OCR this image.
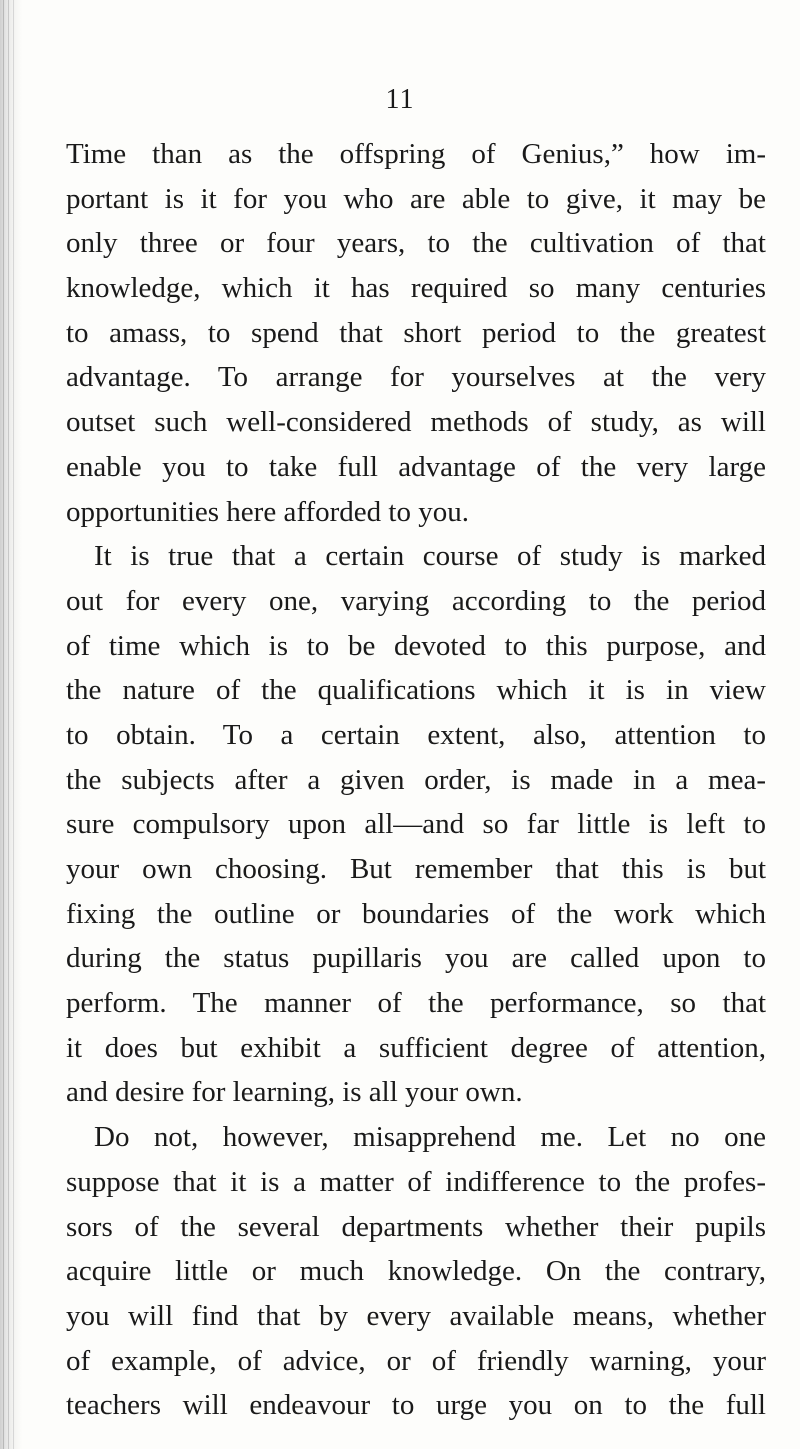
11
Time than as the offspring of Genius,” how im-
portant is it for you who are able to give, it may be
only three or four years, to the cultivation of that
knowledge, which it has required so many centuries
to amass, to spend that short period to the greatest
advantage. To arrange for yourselves at the very
outset such well-considered methods of study, as will
enable you to take full advantage of the very large
opportunities here afforded to you.
It is true that a certain course of study is marked
out for every one, varying according to the period
of time which is to be devoted to this purpose, and
the nature of the qualifications which it is in view
to obtain. To a certain extent, also, attention to
the subjects after a given order, is made in a mea-
sure compulsory upon all—and so far little is left to
your own choosing. But remember that this is but
fixing the outline or boundaries of the work which
during the status pupillaris you are called upon to
perform. The manner of the performance, so that
it does but exhibit a sufficient degree of attention,
and desire for learning, is all your own.
Do not, however, misapprehend me. Let no one
suppose that it is a matter of indifference to the profes-
sors of the several departments whether their pupils
acquire little or much knowledge. On the contrary,
you will find that by every available means, whether
of example, of advice, or of friendly warning, your
teachers will endeavour to urge you on to the full
